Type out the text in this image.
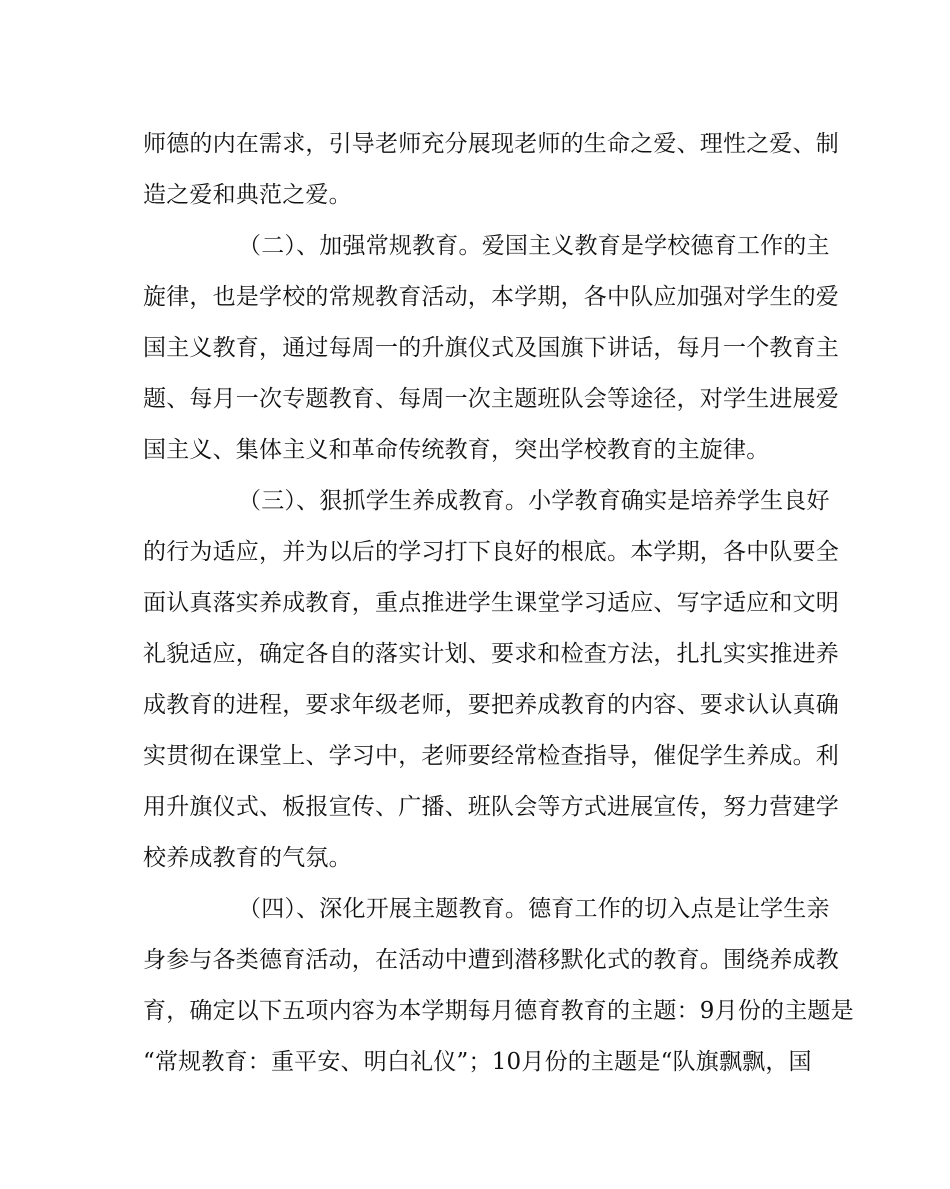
师德的内在需求，引导老师充分展现老师的生命之爱、理性之爱、制
造之爱和典范之爱。
（二）、加强常规教育。爱国主义教育是学校德育工作的主
旋律，也是学校的常规教育活动，本学期，各中队应加强对学生的爱
国主义教育，通过每周一的升旗仪式及国旗下讲话，每月一个教育主
题、每月一次专题教育、每周一次主题班队会等途径，对学生进展爱
国主义、集体主义和革命传统教育，突出学校教育的主旋律。
（三）、狠抓学生养成教育。小学教育确实是培养学生良好
的行为适应，并为以后的学习打下良好的根底。本学期，各中队要全
面认真落实养成教育，重点推进学生课堂学习适应、写字适应和文明
礼貌适应，确定各自的落实计划、要求和检查方法，扎扎实实推进养
成教育的进程，要求年级老师，要把养成教育的内容、要求认认真确
实贯彻在课堂上、学习中，老师要经常检查指导，催促学生养成。利
用升旗仪式、板报宣传、广播、班队会等方式进展宣传，努力营建学
校养成教育的气氛。
（四）、深化开展主题教育。德育工作的切入点是让学生亲
身参与各类德育活动，在活动中遭到潜移默化式的教育。围绕养成教
育，确定以下五项内容为本学期每月德育教育的主题：9月份的主题是
“常规教育：重平安、明白礼仪”；10月份的主题是“队旗飘飘，国
